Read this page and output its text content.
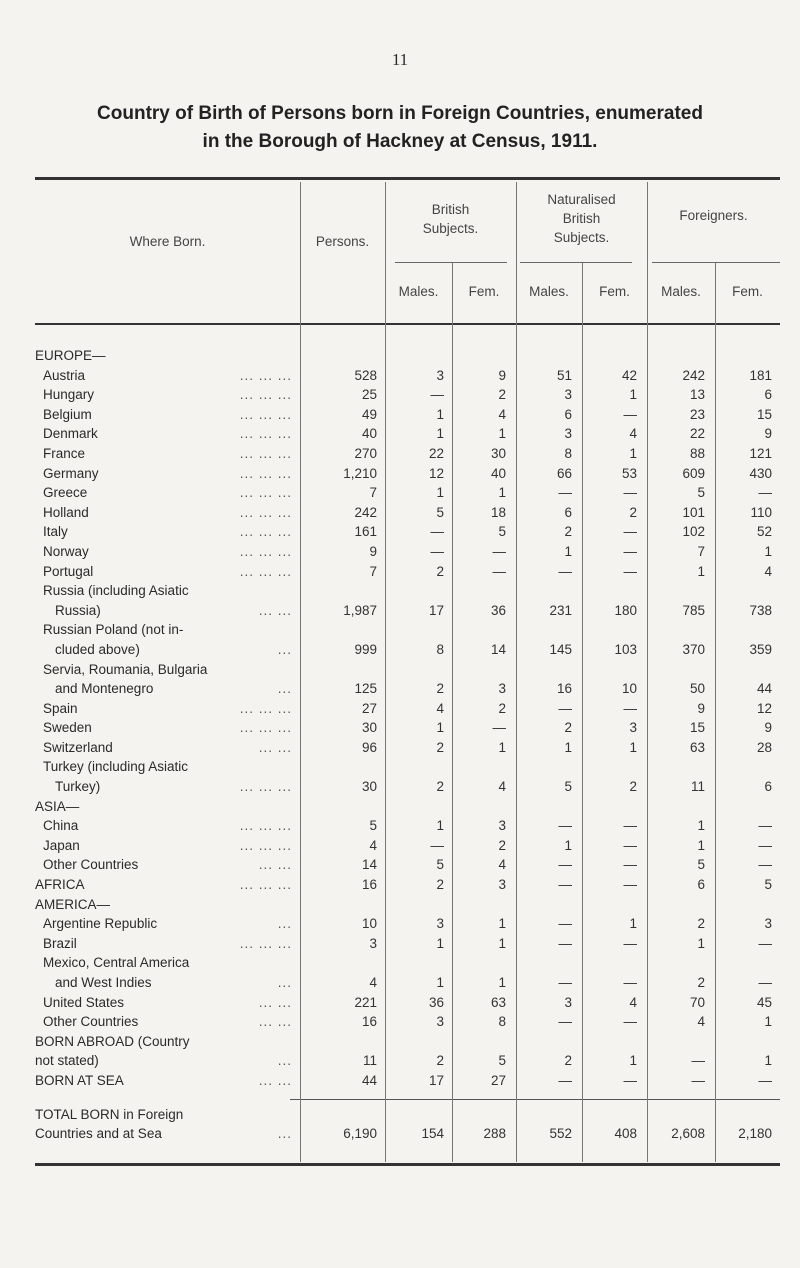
11
Country of Birth of Persons born in Foreign Countries, enumerated
in the Borough of Hackney at Census, 1911.
Where Born.	Persons.
British Subjects.
Naturalised British Subjects.
Foreigners.
Males.	Fem.	Males.	Fem.	Males.	Fem.
EUROPE—							
Austria ... ... ...	528	3	9	51	42	242	181
Hungary ... ... ...	25	—	2	3	1	13	6
Belgium ... ... ...	49	1	4	6	—	23	15
Denmark ... ... ...	40	1	1	3	4	22	9
France ... ... ...	270	22	30	8	1	88	121
Germany ... ... ...	1,210	12	40	66	53	609	430
Greece ... ... ...	7	1	1	—	—	5	—
Holland ... ... ...	242	5	18	6	2	101	110
Italy ... ... ...	161	—	5	2	—	102	52
Norway ... ... ...	9	—	—	1	—	7	1
Portugal ... ... ...	7	2	—	—	—	1	4
Russia (including Asiatic							
Russia) ... ...	1,987	17	36	231	180	785	738
Russian Poland (not in-							
cluded above) ...	999	8	14	145	103	370	359
Servia, Roumania, Bulgaria							
and Montenegro ...	125	2	3	16	10	50	44
Spain ... ... ...	27	4	2	—	—	9	12
Sweden ... ... ...	30	1	—	2	3	15	9
Switzerland ... ...	96	2	1	1	1	63	28
Turkey (including Asiatic							
Turkey) ... ... ...	30	2	4	5	2	11	6
ASIA—							
China ... ... ...	5	1	3	—	—	1	—
Japan ... ... ...	4	—	2	1	—	1	—
Other Countries ... ...	14	5	4	—	—	5	—
AFRICA ... ... ...	16	2	3	—	—	6	5
AMERICA—							
Argentine Republic ...	10	3	1	—	1	2	3
Brazil ... ... ...	3	1	1	—	—	1	—
Mexico, Central America							
and West Indies ...	4	1	1	—	—	2	—
United States ... ...	221	36	63	3	4	70	45
Other Countries ... ...	16	3	8	—	—	4	1
BORN ABROAD (Country							
not stated) ...	11	2	5	2	1	—	1
BORN AT SEA ... ...	44	17	27	—	—	—	—

TOTAL BORN in Foreign							
Countries and at Sea ...	6,190	154	288	552	408	2,608	2,180
